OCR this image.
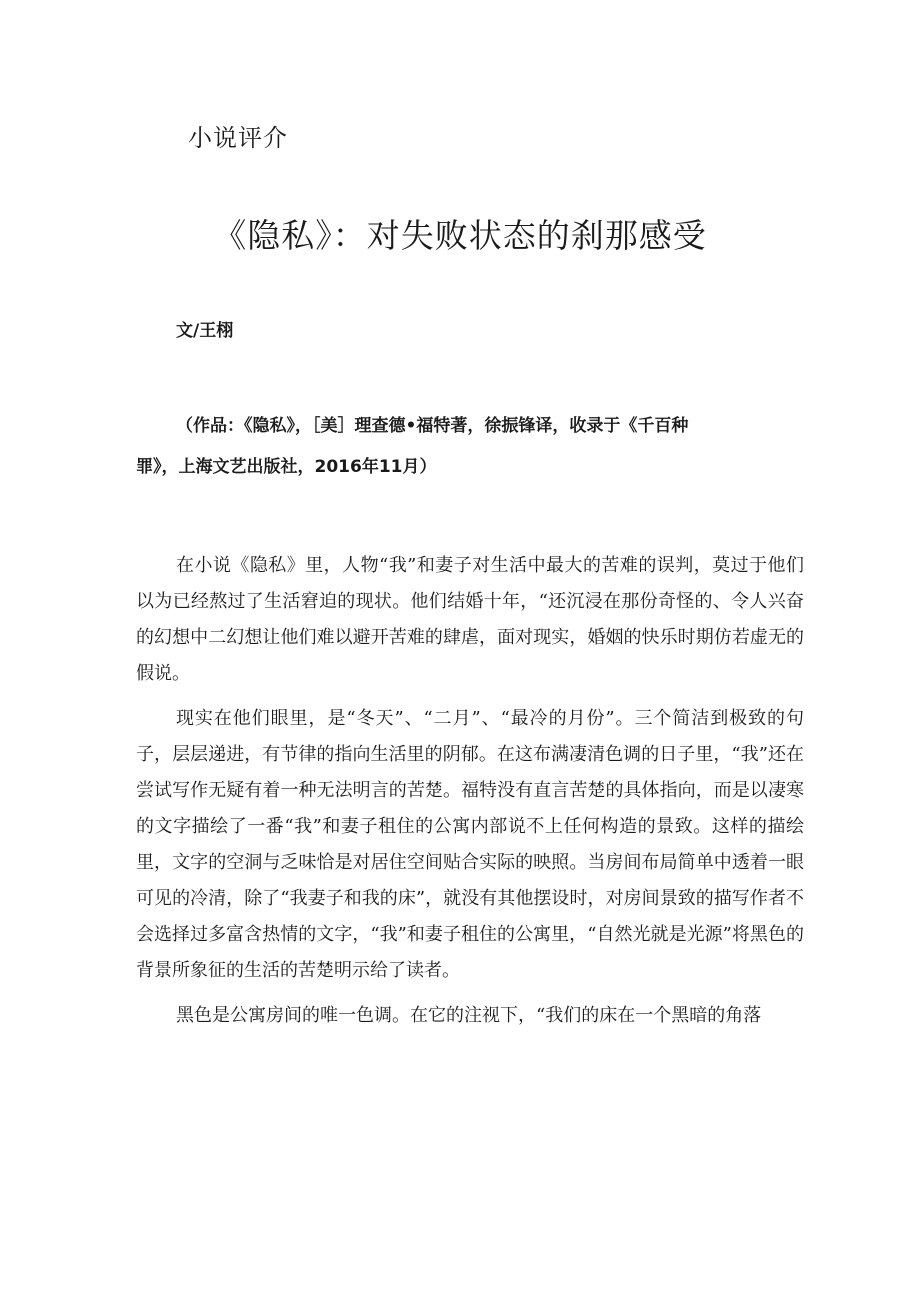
小说评介
《隐私》：对失败状态的刹那感受
文/王栩
（作品：《隐私》，［美］理查德•福特著，徐振锋译，收录于《千百种
罪》，上海文艺出版社，2016年11月）

在小说《隐私》里，人物“我”和妻子对生活中最大的苦难的误判，莫过于他们以为已经熬过了生活窘迫的现状。他们结婚十年，“还沉浸在那份奇怪的、令人兴奋的幻想中二幻想让他们难以避开苦难的肆虐，面对现实，婚姻的快乐时期仿若虚无的假说。

现实在他们眼里，是“冬天”、“二月”、“最冷的月份”。三个简洁到极致的句子，层层递进，有节律的指向生活里的阴郁。在这布满凄清色调的日子里，“我”还在尝试写作无疑有着一种无法明言的苦楚。福特没有直言苦楚的具体指向，而是以凄寒的文字描绘了一番“我”和妻子租住的公寓内部说不上任何构造的景致。这样的描绘里，文字的空洞与乏味恰是对居住空间贴合实际的映照。当房间布局简单中透着一眼可见的冷清，除了“我妻子和我的床”，就没有其他摆设时，对房间景致的描写作者不会选择过多富含热情的文字，“我”和妻子租住的公寓里，“自然光就是光源”将黑色的背景所象征的生活的苦楚明示给了读者。

黑色是公寓房间的唯一色调。在它的注视下，“我们的床在一个黑暗的角落
